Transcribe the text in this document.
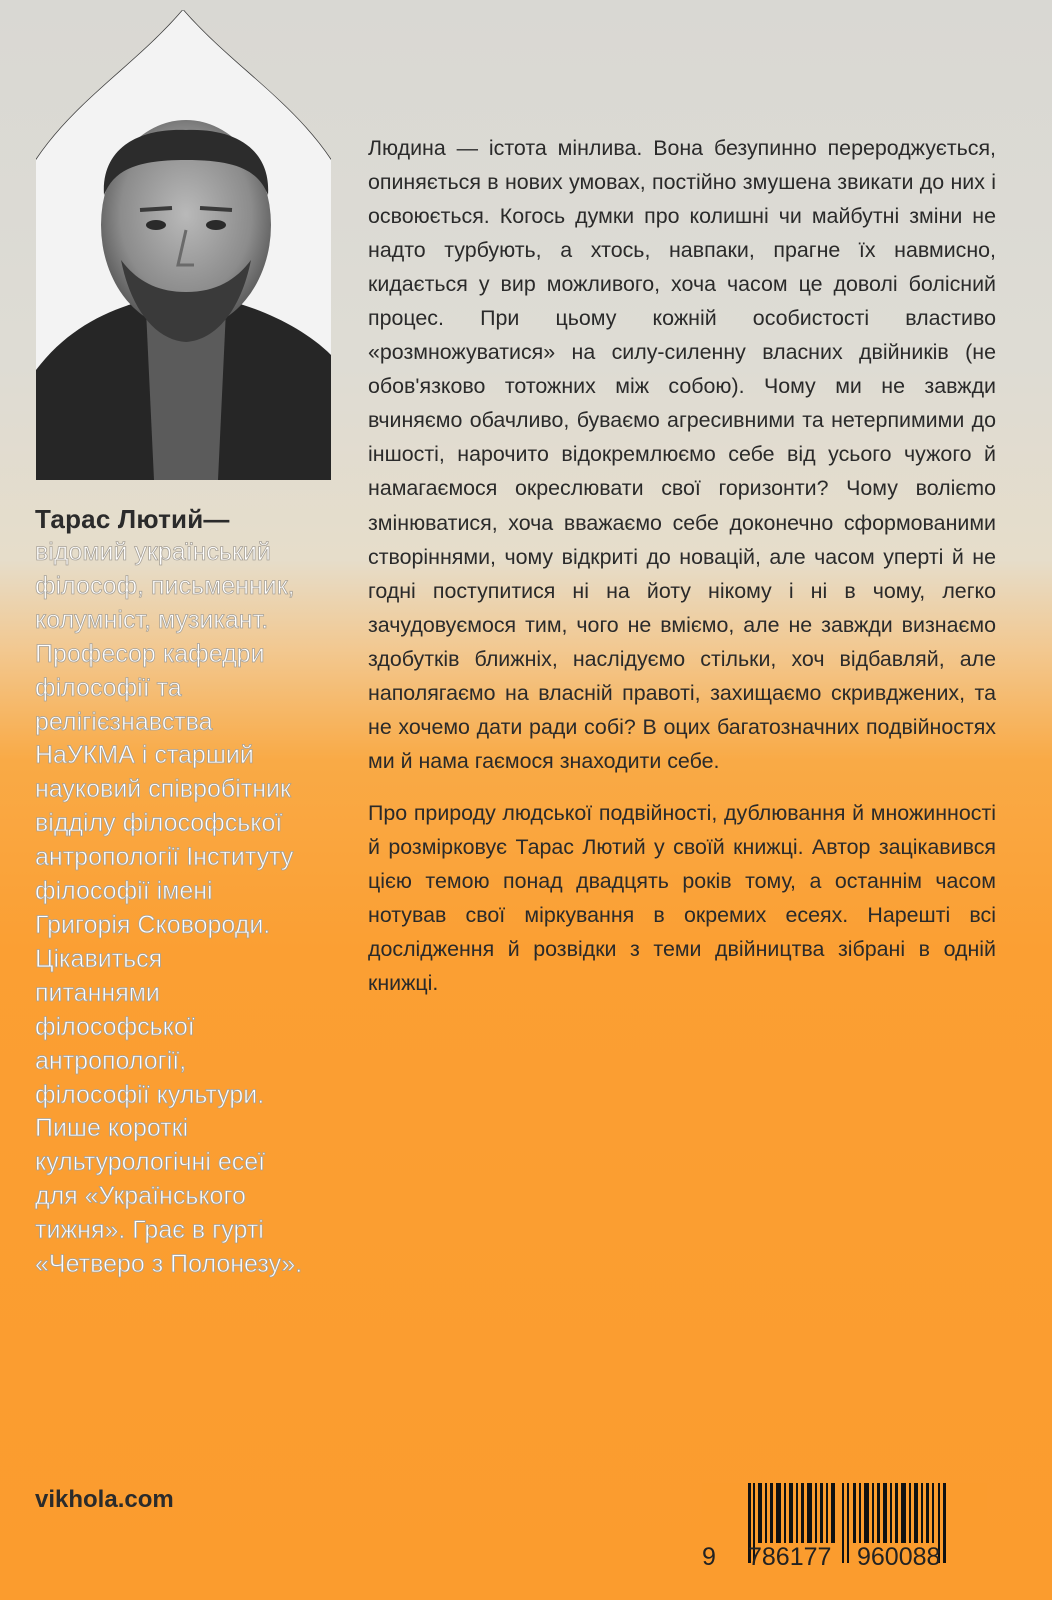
Тарас Лютий—

відомий український
філософ, письменник,
колумніст, музикант.
Професор кафедри
філософії та
релігієзнавства
НаУКМА і старший
науковий співробітник
відділу філософської
антропології Інституту
філософії імені
Григорія Сковороди.
Цікавиться
питаннями
філософської
антропології,
філософії культури.
Пише короткі
культурологічні есеї
для «Українського
тижня». Грає в гурті
«Четверо з Полонезу».

Людина — істота мінлива. Вона безупинно перероджується, опиняється в нових умовах, постійно змушена звикати до них і освоюється. Когось думки про колишні чи майбутні зміни не надто турбують, а хтось, навпаки, прагне їх навмисно, кидається у вир можливого, хоча часом це доволі болісний процес. При цьому кожній особистості властиво «розмножуватися» на силу-силенну власних двійників (не обов'язково тотожних між собою). Чому ми не завжди вчиняємо обачливо, буваємо агресивними та нетерпимими до іншості, нарочито відокремлюємо себе від усього чужого й намагаємося окреслювати свої горизонти? Чому волієmo змінюватися, хоча вважаємо себе доконечно сформованими створіннями, чому відкриті до новацій, але часом уперті й не годні поступитися ні на йоту нікому і ні в чому, легко зачудовуємося тим, чого не вміємо, але не завжди визнаємо здобутків ближніх, наслідуємо стільки, хоч відбавляй, але наполягаємо на власній правоті, захищаємо скривджених, та не хочемо дати ради собі? В оцих багатозначних подвійностях ми й нама гаємося знаходити себе.

Про природу людської подвійності, дублювання й множинності й розмірковує Тарас Лютий у своїй книжці. Автор зацікавився цією темою понад двадцять років тому, а останнім часом нотував свої міркування в окремих есеях. Нарешті всі дослідження й розвідки з теми двійництва зібрані в одній книжці.

vikhola.com
9 786177 960088
